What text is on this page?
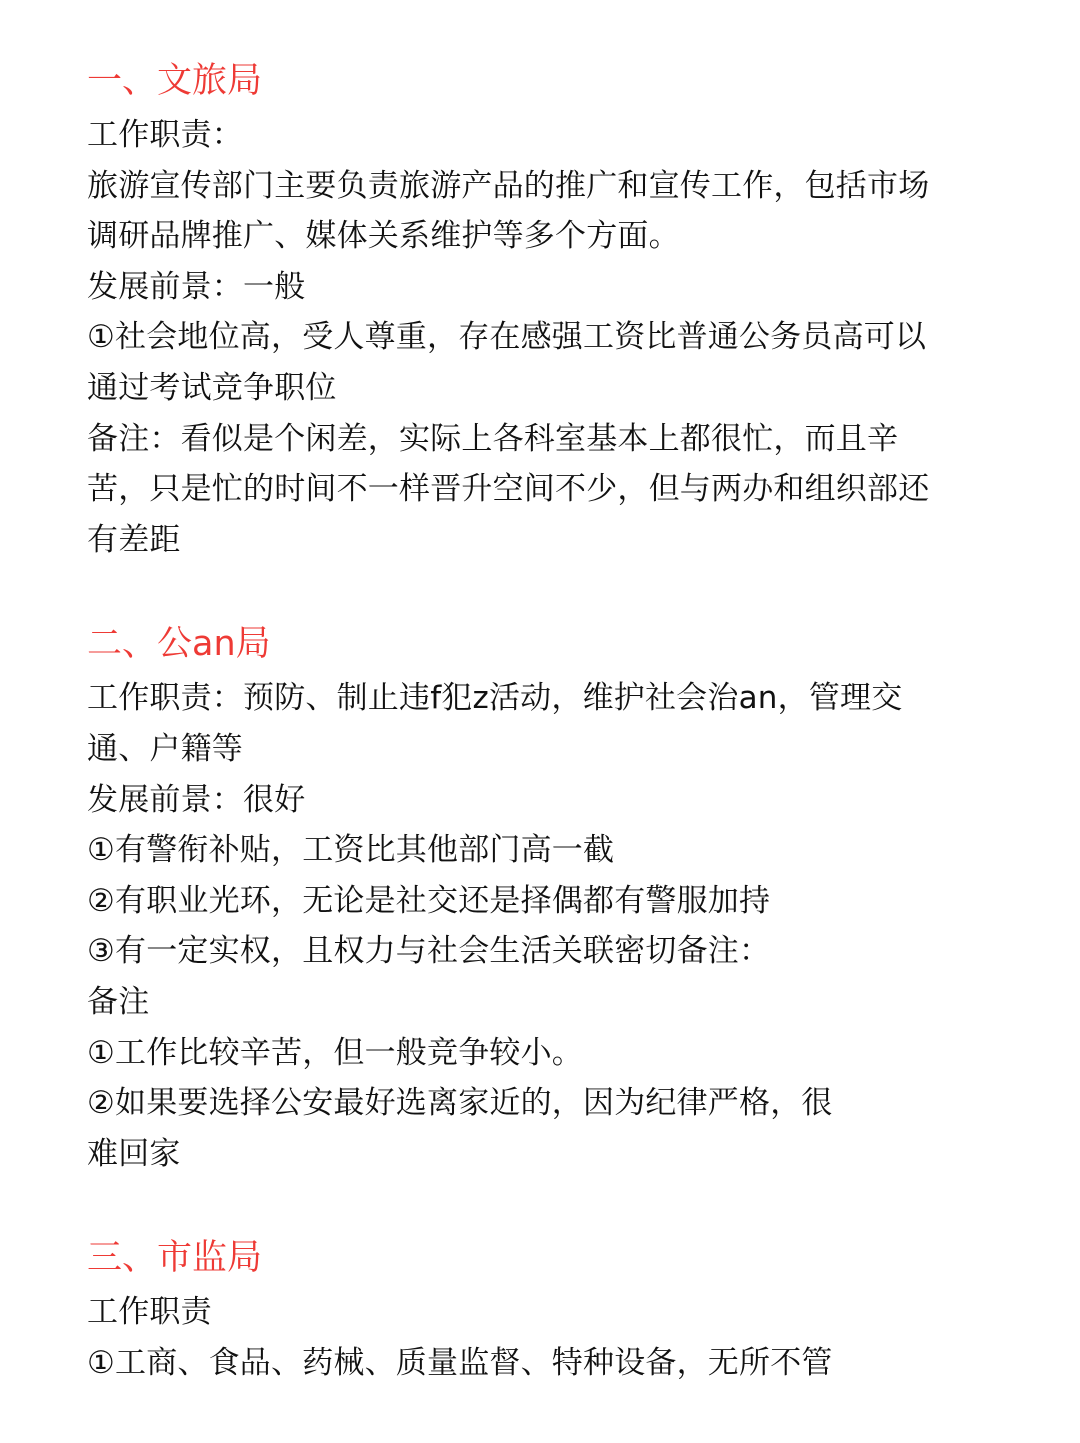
一、文旅局

工作职责：

旅游宣传部门主要负责旅游产品的推广和宣传工作，包括市场

调研品牌推广、媒体关系维护等多个方面。

发展前景：一般

①社会地位高，受人尊重，存在感强工资比普通公务员高可以

通过考试竞争职位

备注：看似是个闲差，实际上各科室基本上都很忙，而且辛

苦，只是忙的时间不一样晋升空间不少，但与两办和组织部还

有差距

二、公an局

工作职责：预防、制止违f犯z活动，维护社会治an，管理交

通、户籍等

发展前景：很好

①有警衔补贴，工资比其他部门高一截

②有职业光环，无论是社交还是择偶都有警服加持

③有一定实权，且权力与社会生活关联密切备注：

备注

①工作比较辛苦，但一般竞争较小。

②如果要选择公安最好选离家近的，因为纪律严格，很

难回家

三、市监局

工作职责

①工商、食品、药械、质量监督、特种设备，无所不管
